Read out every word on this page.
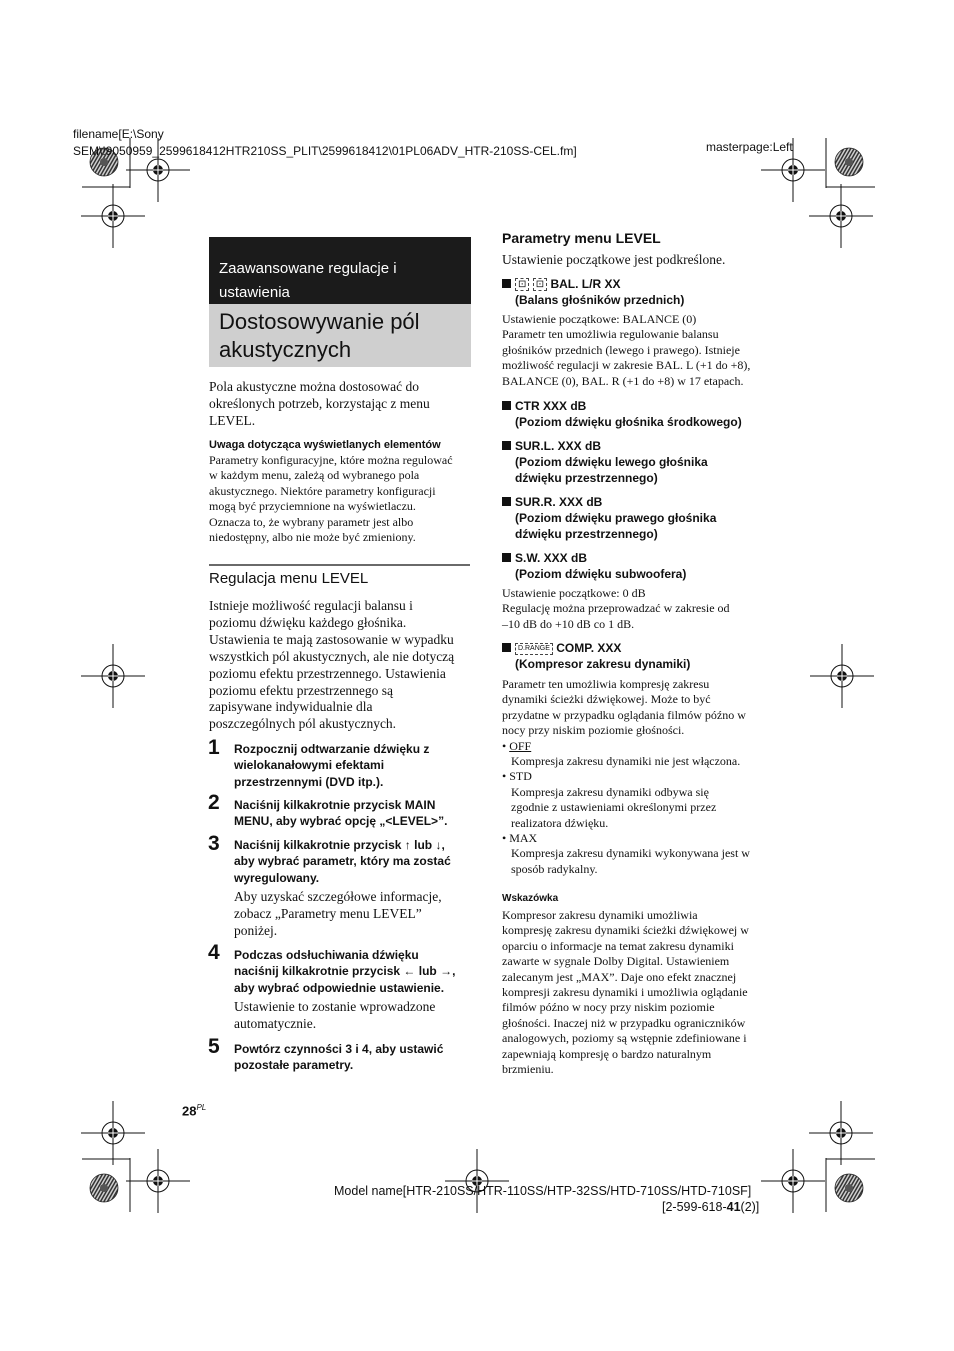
filename[E:\Sony
SEM\!9050959_2599618412HTR210SS_PLIT\2599618412\01PL06ADV_HTR-210SS-CEL.fm]	masterpage:Left
Zaawansowane regulacje i
ustawienia
Dostosowywanie pól
akustycznych
Pola akustyczne można dostosować do
określonych potrzeb, korzystając z menu
LEVEL.
Uwaga dotycząca wyświetlanych elementów
Parametry konfiguracyjne, które można regulować
w każdym menu, zależą od wybranego pola
akustycznego. Niektóre parametry konfiguracji
mogą być przyciemnione na wyświetlaczu.
Oznacza to, że wybrany parametr jest albo
niedostępny, albo nie może być zmieniony.
Regulacja menu LEVEL
Istnieje możliwość regulacji balansu i
poziomu dźwięku każdego głośnika.
Ustawienia te mają zastosowanie w wypadku
wszystkich pól akustycznych, ale nie dotyczą
poziomu efektu przestrzennego. Ustawienia
poziomu efektu przestrzennego są
zapisywane indywidualnie dla
poszczególnych pól akustycznych.
1 Rozpocznij odtwarzanie dźwięku z
wielokanałowymi efektami
przestrzennymi (DVD itp.).
2 Naciśnij kilkakrotnie przycisk MAIN
MENU, aby wybrać opcję „<LEVEL>”.
3 Naciśnij kilkakrotnie przycisk ↑ lub ↓,
aby wybrać parametr, który ma zostać
wyregulowany.
Aby uzyskać szczegółowe informacje,
zobacz „Parametry menu LEVEL”
poniżej.
4 Podczas odsłuchiwania dźwięku
naciśnij kilkakrotnie przycisk ← lub →,
aby wybrać odpowiednie ustawienie.
Ustawienie to zostanie wprowadzone
automatycznie.
5 Powtórz czynności 3 i 4, aby ustawić
pozostałe parametry.
Parametry menu LEVEL
Ustawienie początkowe jest podkreślone.
⊡ ⊡ BAL. L/R XX
(Balans głośników przednich)
Ustawienie początkowe: BALANCE (0)
Parametr ten umożliwia regulowanie balansu
głośników przednich (lewego i prawego). Istnieje
możliwość regulacji w zakresie BAL. L (+1 do +8),
BALANCE (0), BAL. R (+1 do +8) w 17 etapach.
CTR XXX dB
(Poziom dźwięku głośnika środkowego)
SUR.L. XXX dB
(Poziom dźwięku lewego głośnika
dźwięku przestrzennego)
SUR.R. XXX dB
(Poziom dźwięku prawego głośnika
dźwięku przestrzennego)
S.W. XXX dB
(Poziom dźwięku subwoofera)
Ustawienie początkowe: 0 dB
Regulację można przeprowadzać w zakresie od
–10 dB do +10 dB co 1 dB.
D.RANGE COMP. XXX
(Kompresor zakresu dynamiki)
Parametr ten umożliwia kompresję zakresu
dynamiki ścieżki dźwiękowej. Może to być
przydatne w przypadku oglądania filmów późno w
nocy przy niskim poziomie głośności.
• OFF
Kompresja zakresu dynamiki nie jest włączona.
• STD
Kompresja zakresu dynamiki odbywa się
zgodnie z ustawieniami określonymi przez
realizatora dźwięku.
• MAX
Kompresja zakresu dynamiki wykonywana jest w
sposób radykalny.
Wskazówka
Kompresor zakresu dynamiki umożliwia
kompresję zakresu dynamiki ścieżki dźwiękowej w
oparciu o informacje na temat zakresu dynamiki
zawarte w sygnale Dolby Digital. Ustawieniem
zalecanym jest „MAX”. Daje ono efekt znacznej
kompresji zakresu dynamiki i umożliwia oglądanie
filmów późno w nocy przy niskim poziomie
głośności. Inaczej niż w przypadku ograniczników
analogowych, poziomy są wstępnie zdefiniowane i
zapewniają kompresję o bardzo naturalnym
brzmieniu.
$28^{PL}$
Model name[HTR-210SS/HTR-110SS/HTP-32SS/HTD-710SS/HTD-710SF]
[2-599-618-41(2)]
